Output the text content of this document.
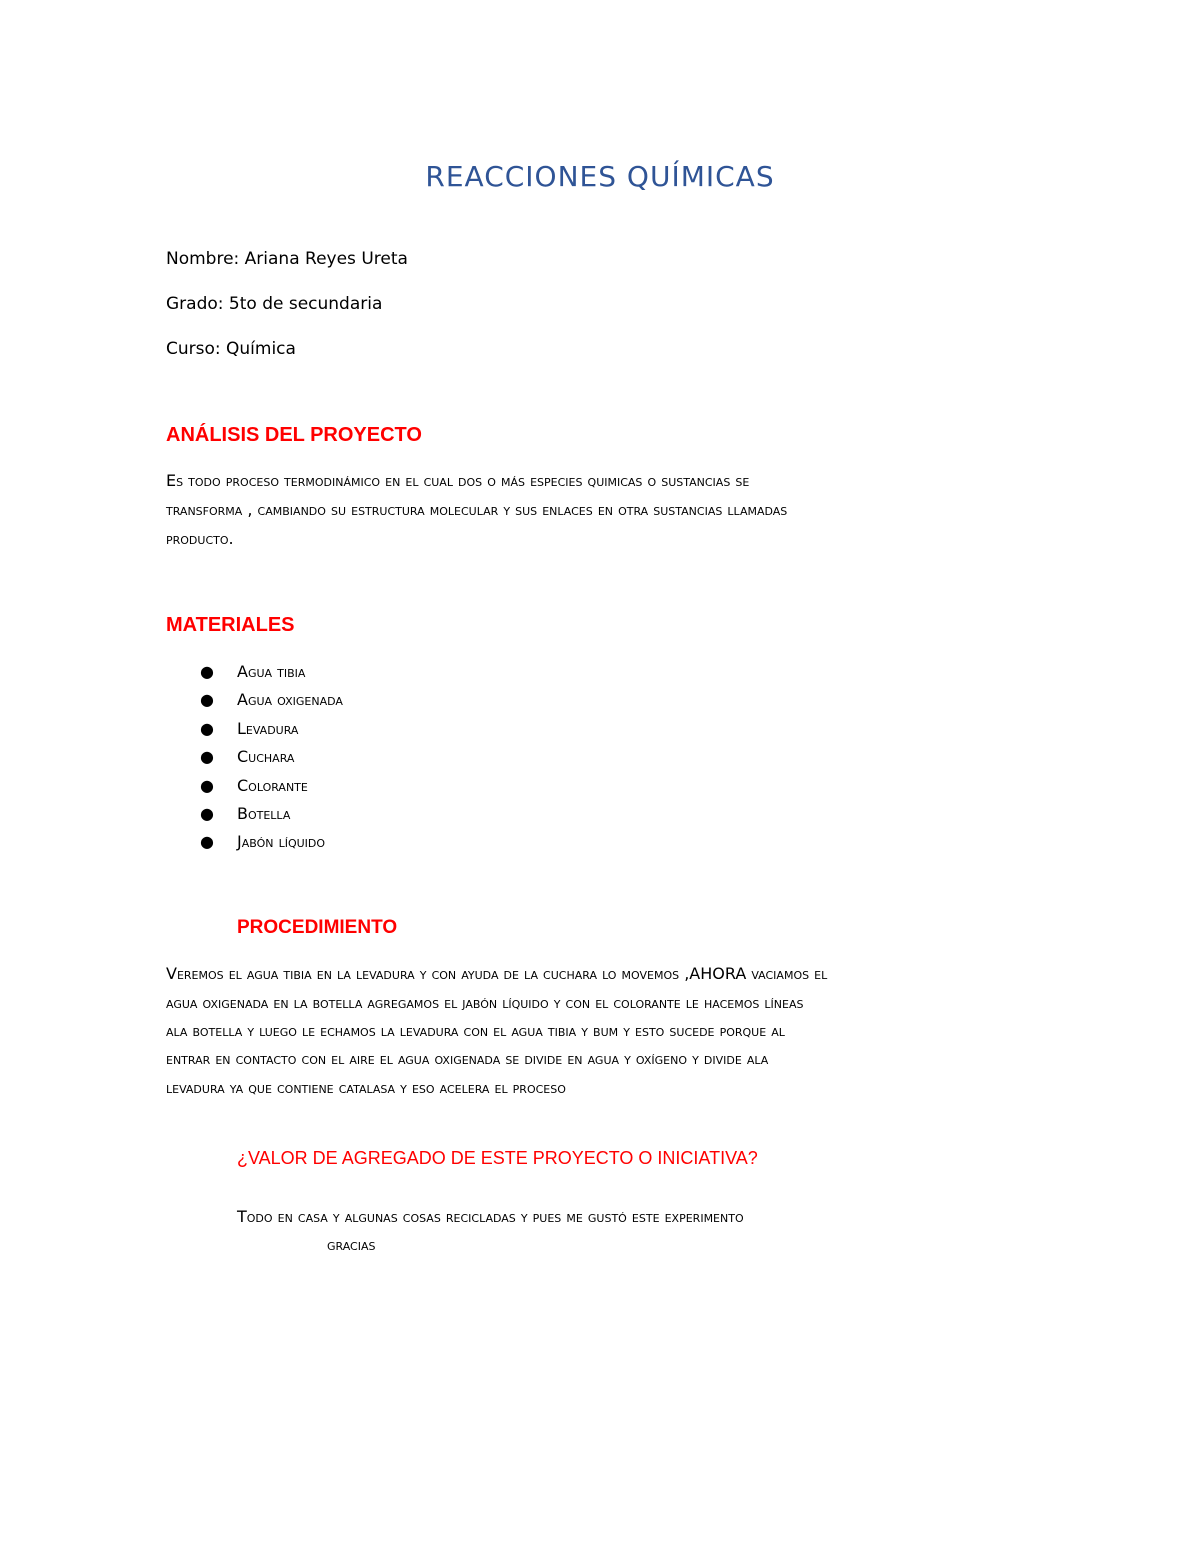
REACCIONES QUÍMICAS
Nombre: Ariana Reyes Ureta
Grado: 5to de secundaria
Curso: Química
ANÁLISIS DEL PROYECTO

Es todo proceso termodinámico en el cual dos o más especies quimicas o sustancias se

transforma , cambiando su estructura molecular y sus enlaces en otra sustancias llamadas

producto.

MATERIALES
● Agua tibia
● Agua oxigenada
● Levadura
● Cuchara
● Colorante
● Botella
● Jabón líquido
PROCEDIMIENTO

Veremos el agua tibia en la levadura y con ayuda de la cuchara lo movemos ,AHORA vaciamos el

agua oxigenada en la botella agregamos el jabón líquido y con el colorante le hacemos líneas

ala botella y luego le echamos la levadura con el agua tibia y bum y esto sucede porque al

entrar en contacto con el aire el agua oxigenada se divide en agua y oxígeno y divide ala

levadura ya que contiene catalasa y eso acelera el proceso

¿VALOR DE AGREGADO DE ESTE PROYECTO O INICIATIVA?

Todo en casa y algunas cosas recicladas y pues me gustó este experimento

gracias
